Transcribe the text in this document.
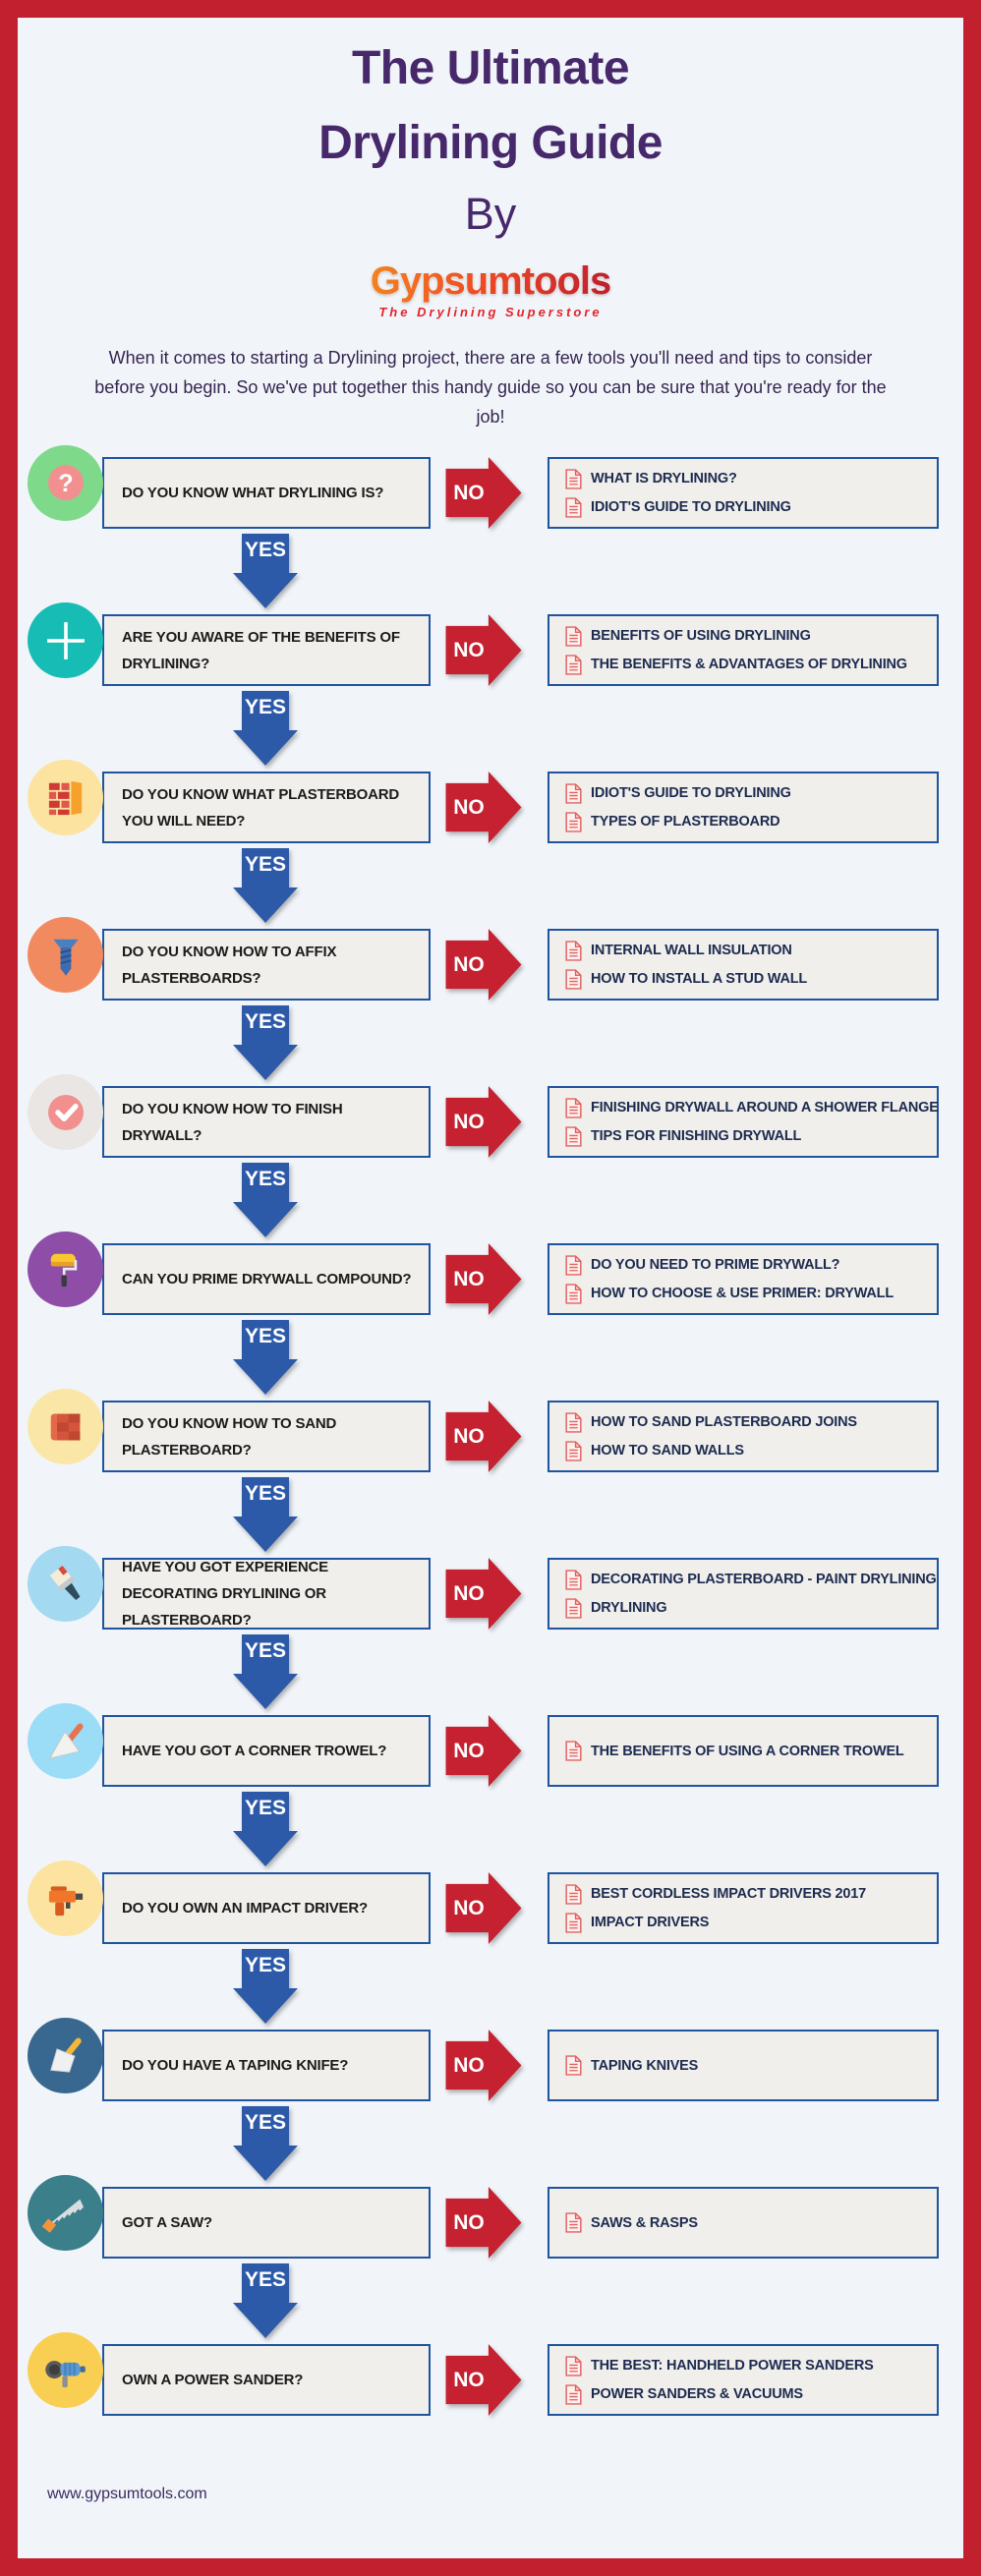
The Ultimate
Drylining Guide
By
Gypsumtools
The Drylining Superstore

When it comes to starting a Drylining project, there are a few tools you'll need and tips to consider before you begin. So we've put together this handy guide so you can be sure that you're ready for the job!

?	DO YOU KNOW WHAT DRYLINING IS?	NO
WHAT IS DRYLINING?
IDIOT'S GUIDE TO DRYLINING
YES
ARE YOU AWARE OF THE BENEFITS OF DRYLINING?
NO
BENEFITS OF USING DRYLINING
THE BENEFITS & ADVANTAGES OF DRYLINING
YES
DO YOU KNOW WHAT PLASTERBOARD YOU WILL NEED?
NO
IDIOT'S GUIDE TO DRYLINING
TYPES OF PLASTERBOARD
YES
DO YOU KNOW HOW TO AFFIX PLASTERBOARDS?
NO
INTERNAL WALL INSULATION
HOW TO INSTALL A STUD WALL
YES
DO YOU KNOW HOW TO FINISH DRYWALL?
NO
FINISHING DRYWALL AROUND A SHOWER FLANGE
TIPS FOR FINISHING DRYWALL
YES
CAN YOU PRIME DRYWALL COMPOUND? NO
DO YOU NEED TO PRIME DRYWALL?
HOW TO CHOOSE & USE PRIMER: DRYWALL
YES
DO YOU KNOW HOW TO SAND PLASTERBOARD?
NO
HOW TO SAND PLASTERBOARD JOINS
HOW TO SAND WALLS
YES
HAVE YOU GOT EXPERIENCE DECORATING DRYLINING OR PLASTERBOARD?
NO
DECORATING PLASTERBOARD - PAINT DRYLINING
DRYLINING
YES
HAVE YOU GOT A CORNER TROWEL?	NO	THE BENEFITS OF USING A CORNER TROWEL
YES
DO YOU OWN AN IMPACT DRIVER?	NO
BEST CORDLESS IMPACT DRIVERS 2017
IMPACT DRIVERS
YES
DO YOU HAVE A TAPING KNIFE?	NO	TAPING KNIVES
YES
GOT A SAW?	NO	SAWS & RASPS
YES
OWN A POWER SANDER?	NO
THE BEST: HANDHELD POWER SANDERS
POWER SANDERS & VACUUMS
www.gypsumtools.com
